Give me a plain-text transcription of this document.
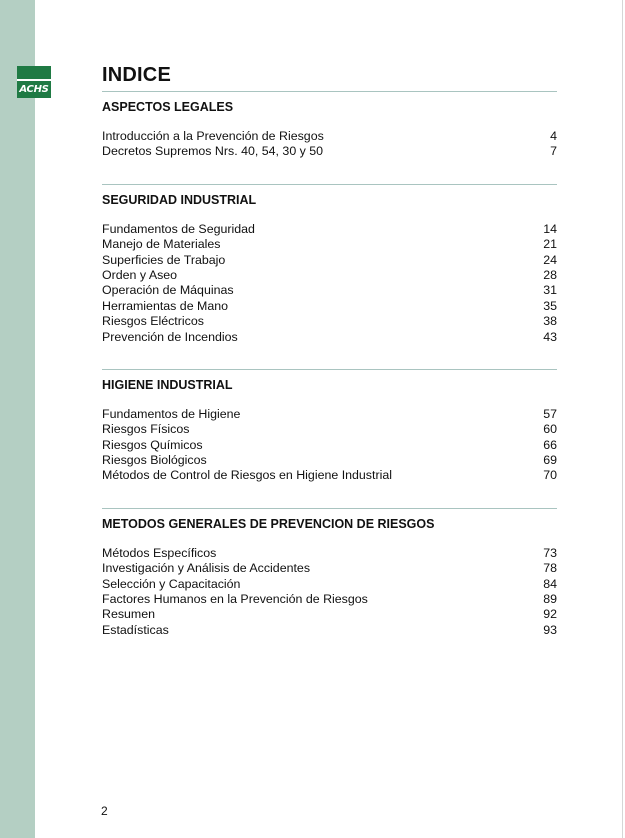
ACHS
INDICE
ASPECTOS LEGALES
Introducción a la Prevención de Riesgos	4
Decretos Supremos Nrs. 40, 54, 30 y 50	7
SEGURIDAD INDUSTRIAL
Fundamentos de Seguridad	14
Manejo de Materiales	21
Superficies de Trabajo	24
Orden y Aseo	28
Operación de Máquinas	31
Herramientas de Mano	35
Riesgos Eléctricos	38
Prevención de Incendios	43
HIGIENE INDUSTRIAL
Fundamentos de Higiene	57
Riesgos Físicos	60
Riesgos Químicos	66
Riesgos Biológicos	69
Métodos de Control de Riesgos en Higiene Industrial	70
METODOS GENERALES DE PREVENCION DE RIESGOS
Métodos Específicos	73
Investigación y Análisis de Accidentes	78
Selección y Capacitación	84
Factores Humanos en la Prevención de Riesgos	89
Resumen	92
Estadísticas	93
2
